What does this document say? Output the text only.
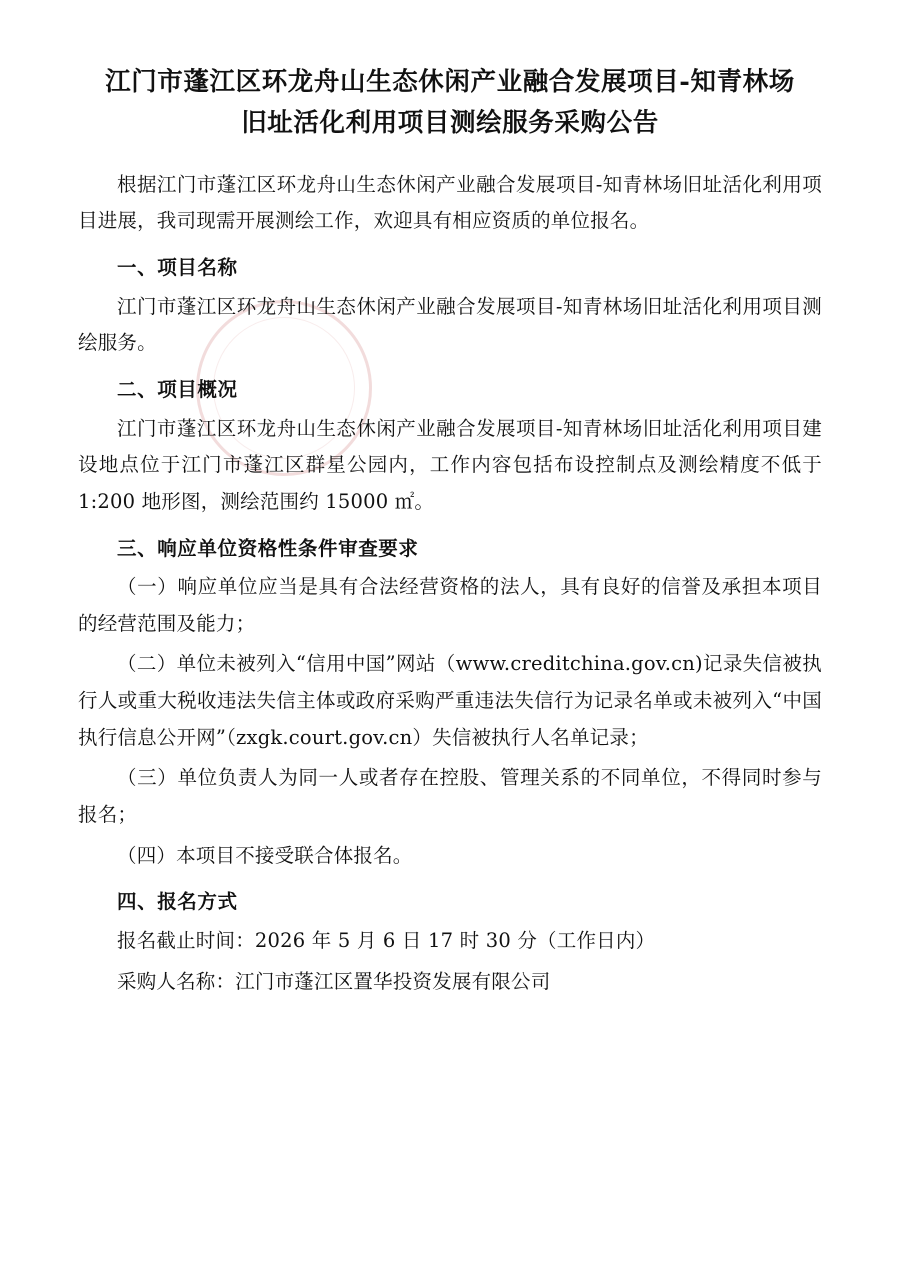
江门市蓬江区环龙舟山生态休闲产业融合发展项目-知青林场
旧址活化利用项目测绘服务采购公告

根据江门市蓬江区环龙舟山生态休闲产业融合发展项目-知青林场旧址活化利用项目进展，我司现需开展测绘工作，欢迎具有相应资质的单位报名。

一、项目名称

江门市蓬江区环龙舟山生态休闲产业融合发展项目-知青林场旧址活化利用项目测绘服务。

二、项目概况

江门市蓬江区环龙舟山生态休闲产业融合发展项目-知青林场旧址活化利用项目建设地点位于江门市蓬江区群星公园内，工作内容包括布设控制点及测绘精度不低于 1:200 地形图，测绘范围约 15000 ㎡。

三、响应单位资格性条件审查要求

（一）响应单位应当是具有合法经营资格的法人，具有良好的信誉及承担本项目的经营范围及能力；

（二）单位未被列入“信用中国”网站（www.creditchina.gov.cn)记录失信被执行人或重大税收违法失信主体或政府采购严重违法失信行为记录名单或未被列入“中国执行信息公开网”（zxgk.court.gov.cn）失信被执行人名单记录；

（三）单位负责人为同一人或者存在控股、管理关系的不同单位，不得同时参与报名；

（四）本项目不接受联合体报名。

四、报名方式

报名截止时间：2026 年 5 月 6 日 17 时 30 分（工作日内）

采购人名称：江门市蓬江区置华投资发展有限公司
